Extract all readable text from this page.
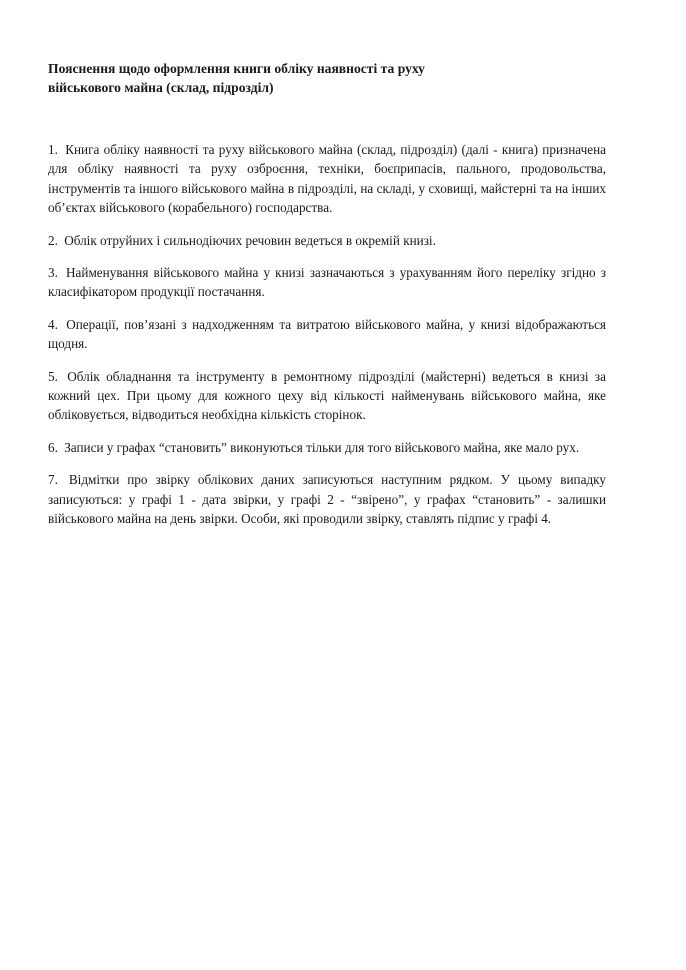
Пояснення щодо оформлення книги обліку наявності та руху
військового майна (склад, підрозділ)

1. Книга обліку наявності та руху військового майна (склад, підрозділ) (далі - книга) призначена для обліку наявності та руху озброєння, техніки, боєприпасів, пального, продовольства, інструментів та іншого військового майна в підрозділі, на складі, у сховищі, майстерні та на інших об’єктах військового (корабельного) господарства.

2. Облік отруйних і сильнодіючих речовин ведеться в окремій книзі.

3. Найменування військового майна у книзі зазначаються з урахуванням його переліку згідно з класифікатором продукції постачання.

4. Операції, пов’язані з надходженням та витратою військового майна, у книзі відображаються щодня.

5. Облік обладнання та інструменту в ремонтному підрозділі (майстерні) ведеться в книзі за кожний цех. При цьому для кожного цеху від кількості найменувань військового майна, яке обліковується, відводиться необхідна кількість сторінок.

6. Записи у графах “становить” виконуються тільки для того військового майна, яке мало рух.

7. Відмітки про звірку облікових даних записуються наступним рядком. У цьому випадку записуються: у графі 1 - дата звірки, у графі 2 - “звірено”, у графах “становить” - залишки військового майна на день звірки. Особи, які проводили звірку, ставлять підпис у графі 4.
